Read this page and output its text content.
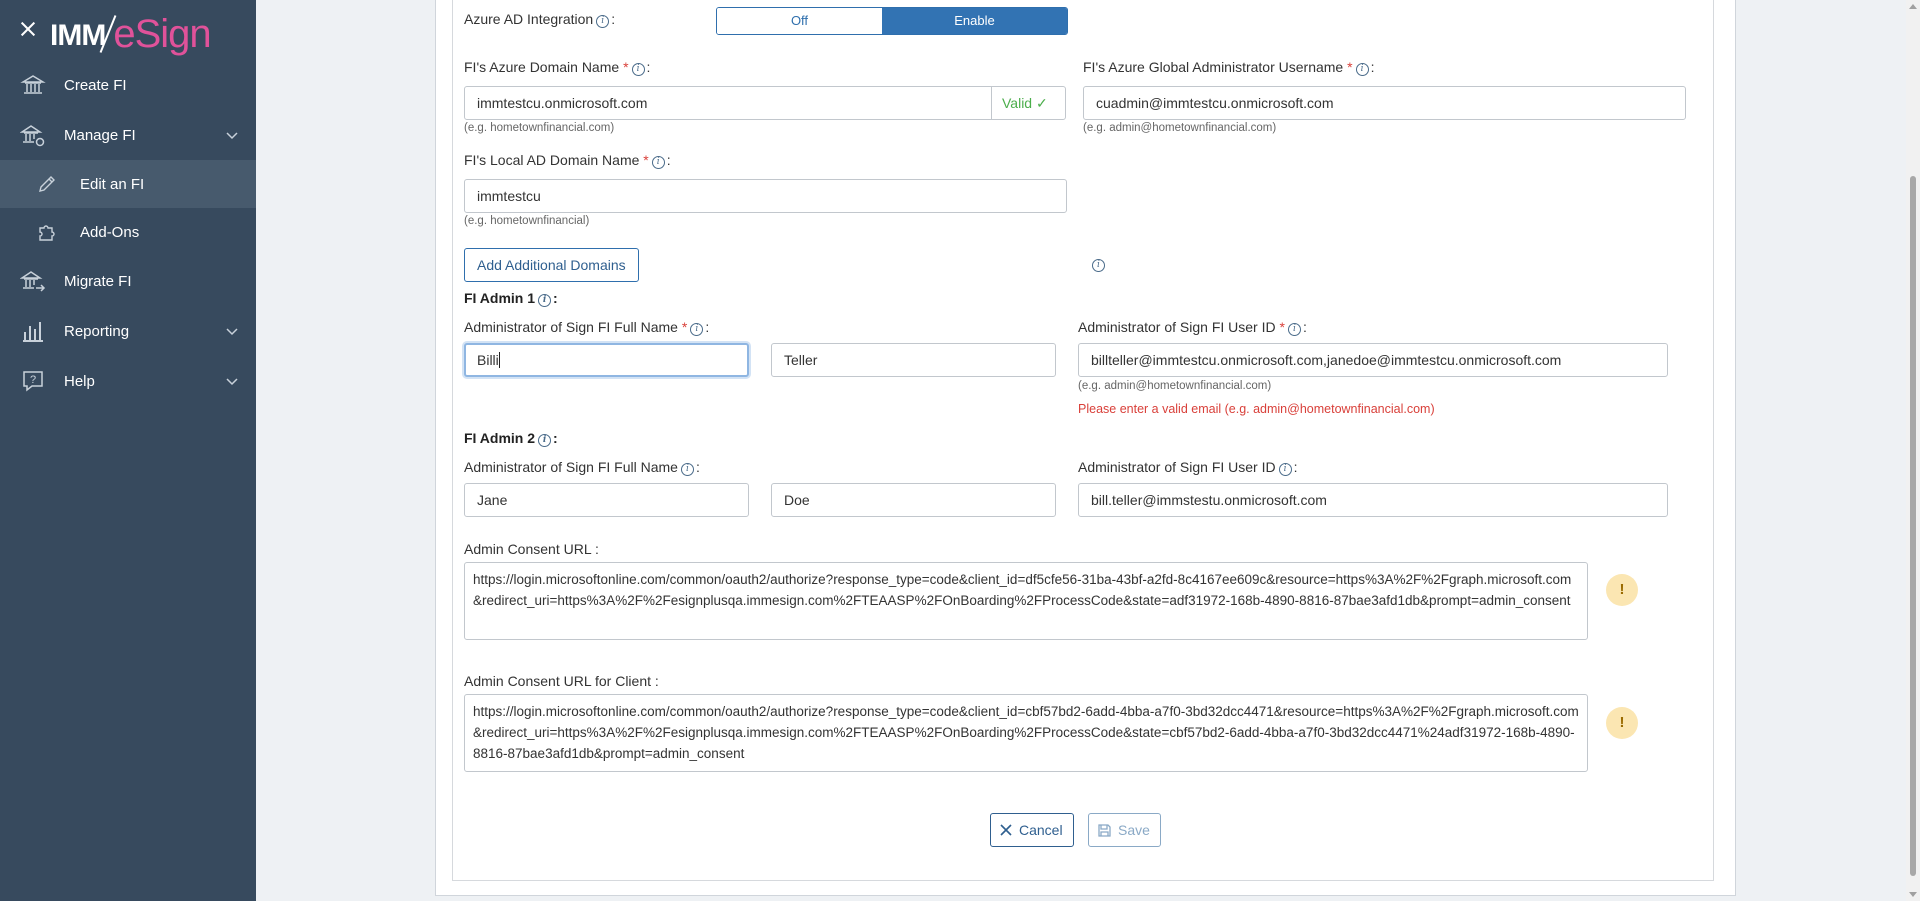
IMM eSign
Create FI
Manage FI
Edit an FI
Add-Ons
Migrate FI
Reporting
? Help
Azure AD Integration i :	Off	Enable
FI's Azure Domain Name * i :
immtestcu.onmicrosoft.com	Valid ✓
(e.g. hometownfinancial.com)
FI's Azure Global Administrator Username * i :
cuadmin@immtestcu.onmicrosoft.com
(e.g. admin@hometownfinancial.com)
FI's Local AD Domain Name * i :
immtestcu
(e.g. hometownfinancial)
Add Additional Domains	i
FI Admin 1 i :
Administrator of Sign FI Full Name * i :
Billi	Teller
Administrator of Sign FI User ID * i :
billteller@immtestcu.onmicrosoft.com,janedoe@immtestcu.onmicrosoft.com
(e.g. admin@hometownfinancial.com)
Please enter a valid email (e.g. admin@hometownfinancial.com)
FI Admin 2 i :
Administrator of Sign FI Full Name i :
Jane	Doe
Administrator of Sign FI User ID i :
bill.teller@immstestu.onmicrosoft.com
Admin Consent URL :
https://login.microsoftonline.com/common/oauth2/authorize?response_type=code&client_id=df5cfe56-31ba-43bf-a2fd-8c4167ee609c&resource=https%3A%2F%2Fgraph.microsoft.com&redirect_uri=https%3A%2F%2Fesignplusqa.immesign.com%2FTEAASP%2FOnBoarding%2FProcessCode&state=adf31972-168b-4890-8816-87bae3afd1db&prompt=admin_consent
!
Admin Consent URL for Client :
https://login.microsoftonline.com/common/oauth2/authorize?response_type=code&client_id=cbf57bd2-6add-4bba-a7f0-3bd32dcc4471&resource=https%3A%2F%2Fgraph.microsoft.com&redirect_uri=https%3A%2F%2Fesignplusqa.immesign.com%2FTEAASP%2FOnBoarding%2FProcessCode&state=cbf57bd2-6add-4bba-a7f0-3bd32dcc4471%24adf31972-168b-4890-8816-87bae3afd1db&prompt=admin_consent
!
Cancel	Save
